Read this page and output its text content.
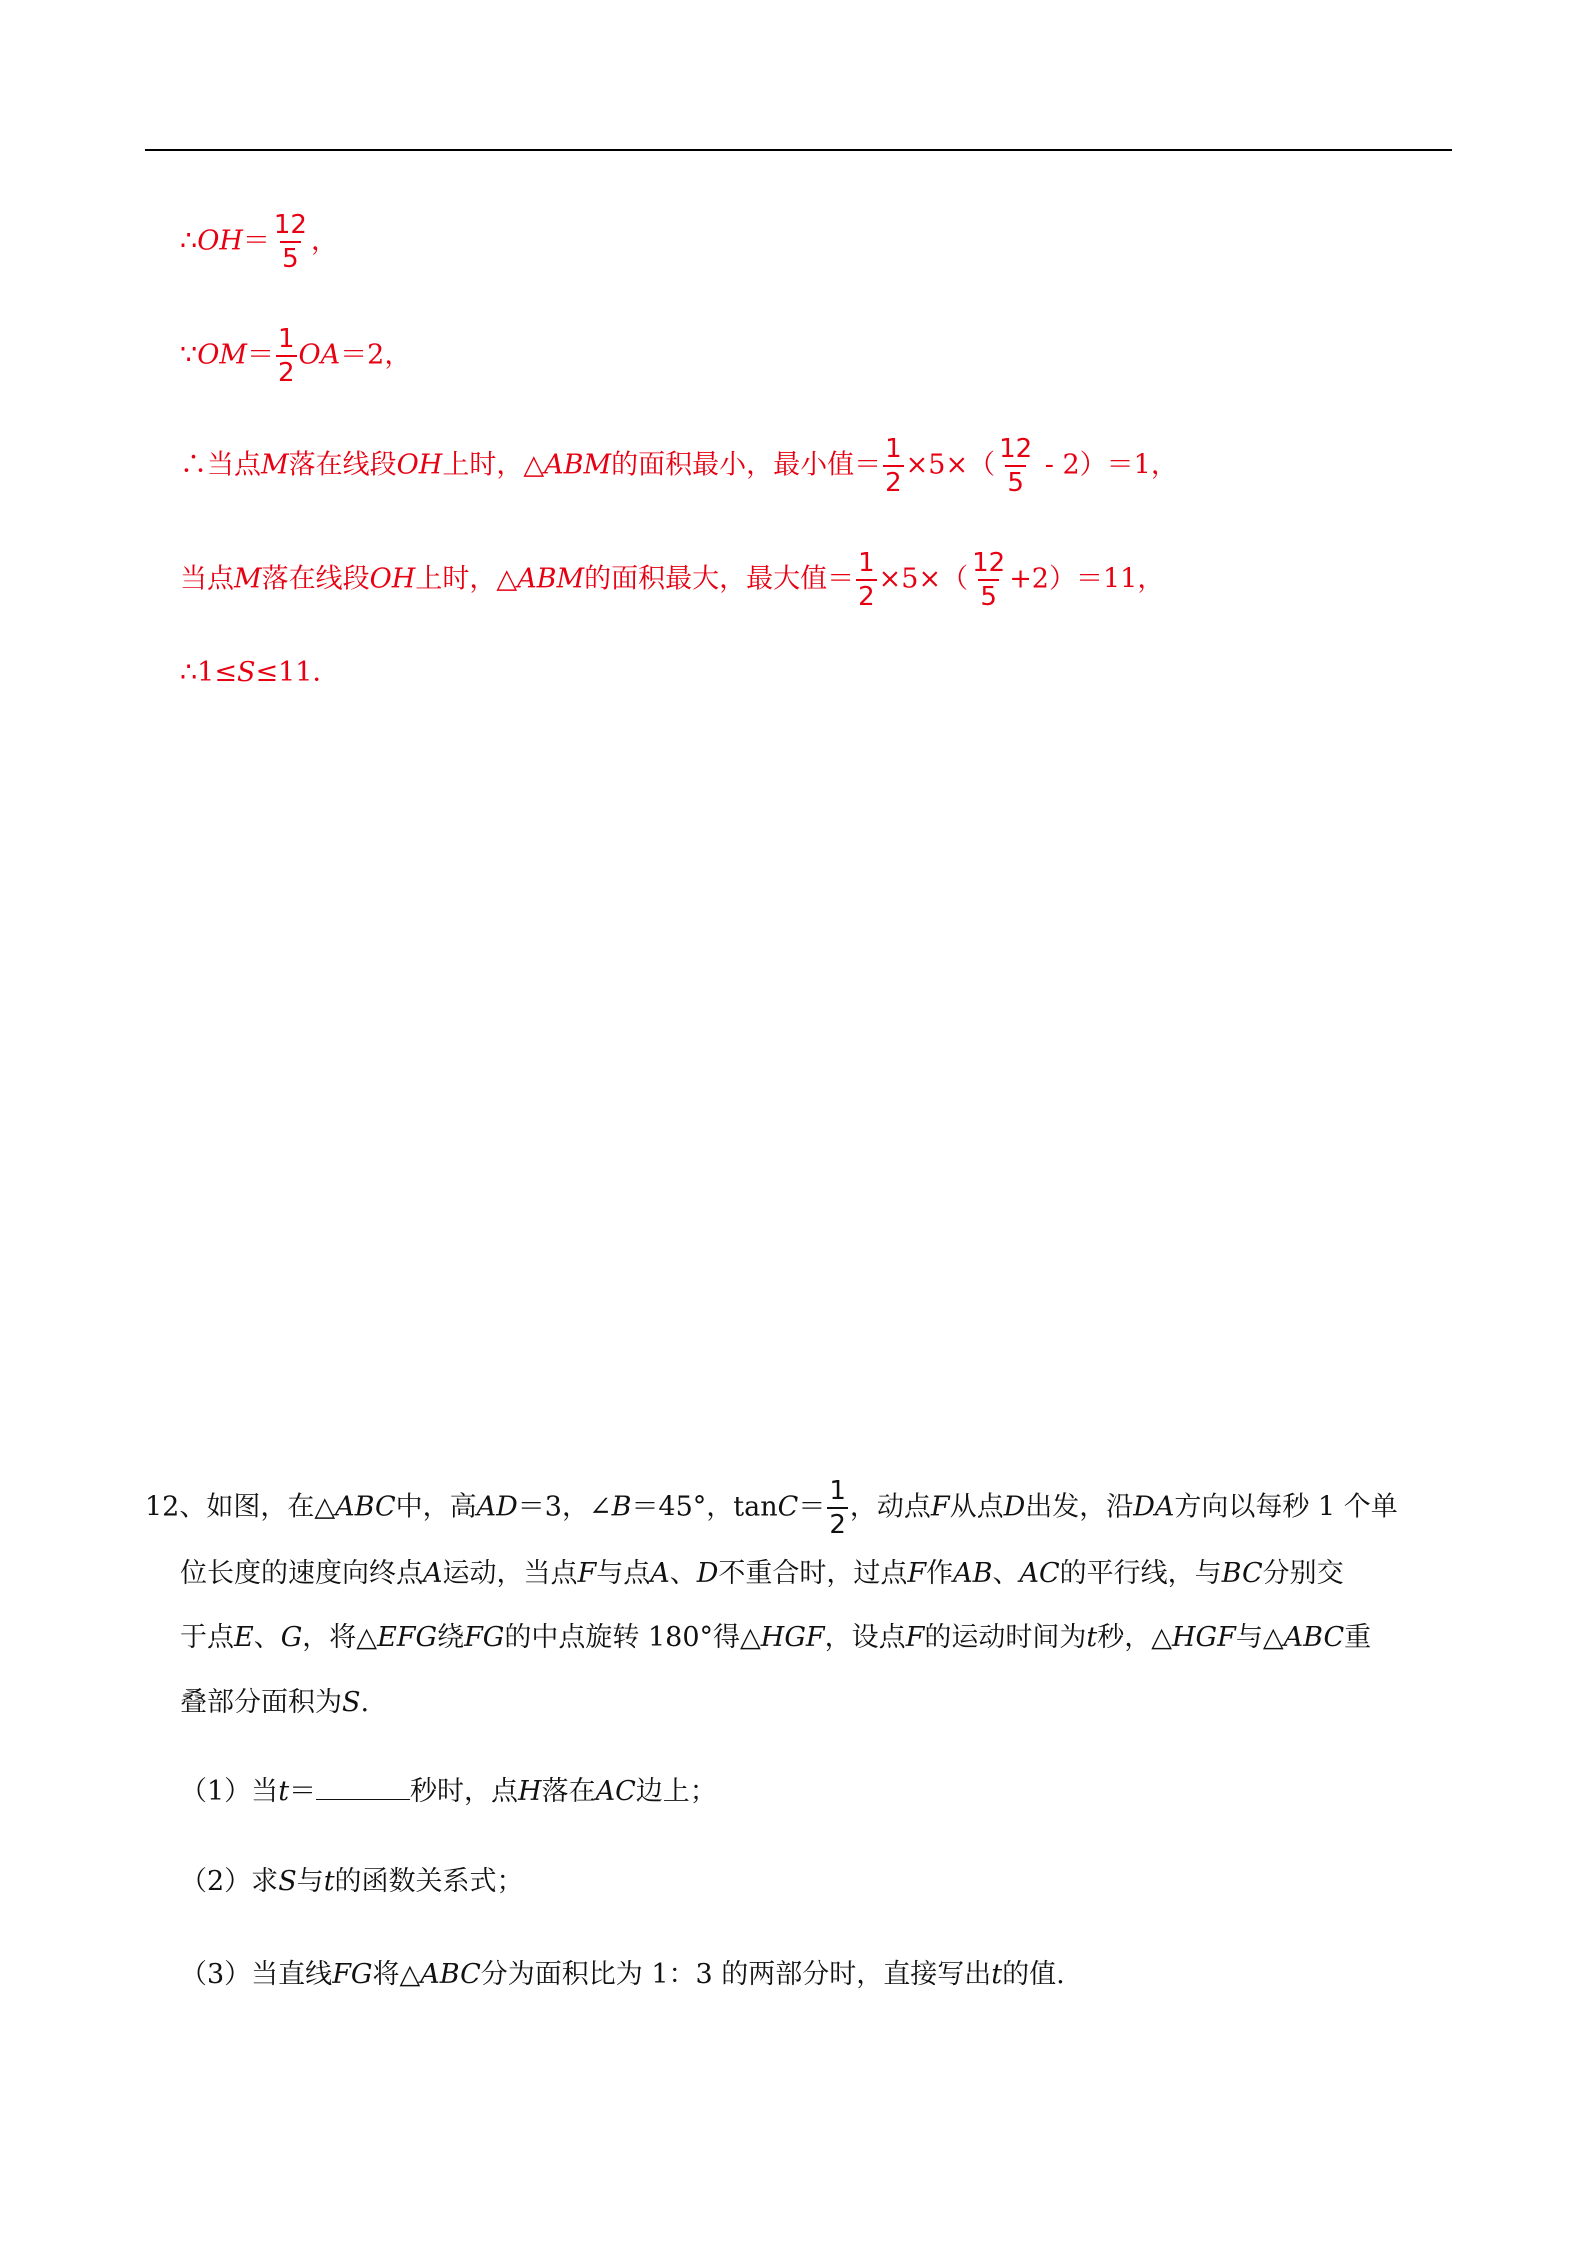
∴OH＝ $\frac{12}{5}$ ，
∵OM＝ $\frac{1}{2} OA=2$，
∴当点M落在线段OH上时，△ABM的面积最小，最小值＝ $\frac{1}{2} \times 5\times( \frac{12}{5} - 2)=1$，
当点M落在线段OH上时，△ABM的面积最大，最大值＝ $\frac{1}{2} \times 5\times( \frac{12}{5} +2)=11$，
∴1≤S≤11．
12、如图，在△ABC中，高AD＝3，∠B＝45°，$\tan C= \frac{1}{2}$ ，动点F从点D出发，沿DA方向以每秒 1 个单
位长度的速度向终点A运动，当点F与点A、D不重合时，过点F作AB、AC的平行线，与BC分别交
于点E、G，将△EFG绕FG的中点旋转 180°得△HGF，设点F的运动时间为t秒，△HGF与△ABC重
叠部分面积为S.
（1）当t＝	秒时，点H落在AC边上；
（2）求S与t的函数关系式；
（3）当直线FG将△ABC分为面积比为 1：3 的两部分时，直接写出t的值.
